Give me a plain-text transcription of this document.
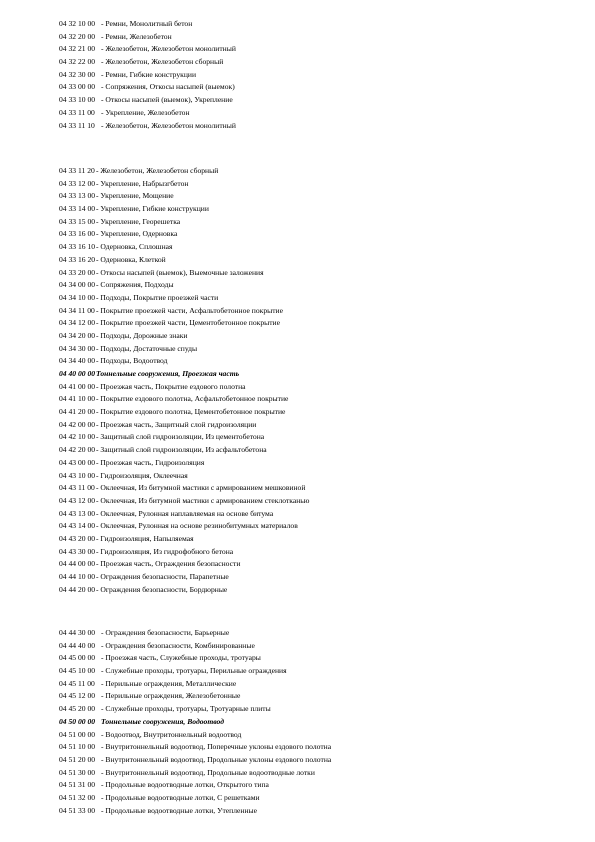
04 32 10 00 - Ремни, Монолитный бетон
04 32 20 00 - Ремни, Железобетон
04 32 21 00 - Железобетон, Железобетон монолитный
04 32 22 00 - Железобетон, Железобетон сборный
04 32 30 00 - Ремни, Гибкие конструкции
04 33 00 00 - Сопряжения, Откосы насыпей (выемок)
04 33 10 00 - Откосы насыпей (выемок), Укрепление
04 33 11 00 - Укрепление, Железобетон
04 33 11 10 - Железобетон, Железобетон монолитный
04 33 11 20 - Железобетон, Железобетон сборный
04 33 12 00 - Укрепление, Набрызгбетон
04 33 13 00 - Укрепление, Мощение
04 33 14 00 - Укрепление, Гибкие конструкции
04 33 15 00 - Укрепление, Георешетка
04 33 16 00 - Укрепление, Одерновка
04 33 16 10 - Одерновка, Сплошная
04 33 16 20 - Одерновка, Клеткой
04 33 20 00 - Откосы насыпей (выемок), Выемочные заложения
04 34 00 00 - Сопряжения, Подходы
04 34 10 00 - Подходы, Покрытие проезжей части
04 34 11 00 - Покрытие проезжей части, Асфальтобетонное покрытие
04 34 12 00 - Покрытие проезжей части, Цементобетонное покрытие
04 34 20 00 - Подходы, Дорожные знаки
04 34 30 00 - Подходы, Достаточные спуды
04 34 40 00 - Подходы, Водоотвод
04 40 00 00 Тоннельные сооружения, Проезжая часть
04 41 00 00 - Проезжая часть, Покрытие ездового полотна
04 41 10 00 - Покрытие ездового полотна, Асфальтобетонное покрытие
04 41 20 00 - Покрытие ездового полотна, Цементобетонное покрытие
04 42 00 00 - Проезжая часть, Защитный слой гидроизоляции
04 42 10 00 - Защитный слой гидроизоляции, Из цементобетона
04 42 20 00 - Защитный слой гидроизоляции, Из асфальтобетона
04 43 00 00 - Проезжая часть, Гидроизоляция
04 43 10 00 - Гидроизоляция, Оклеечная
04 43 11 00 - Оклеечная, Из битумной мастики с армированием мешковиной
04 43 12 00 - Оклеечная, Из битумной мастики с армированием стеклотканью
04 43 13 00 - Оклеечная, Рулонная наплавляемая на основе битума
04 43 14 00 - Оклеечная, Рулонная на основе резинобитумных материалов
04 43 20 00 - Гидроизоляция, Напыляемая
04 43 30 00 - Гидроизоляция, Из гидрофобного бетона
04 44 00 00 - Проезжая часть, Ограждения безопасности
04 44 10 00 - Ограждения безопасности, Парапетные
04 44 20 00 - Ограждения безопасности, Бордюрные
04 44 30 00 - Ограждения безопасности, Барьерные
04 44 40 00 - Ограждения безопасности, Комбинированные
04 45 00 00 - Проезжая часть, Служебные проходы, тротуары
04 45 10 00 - Служебные проходы, тротуары, Перильные ограждения
04 45 11 00 - Перильные ограждения, Металлические
04 45 12 00 - Перильные ограждения, Железобетонные
04 45 20 00 - Служебные проходы, тротуары, Тротуарные плиты
04 50 00 00 Тоннельные сооружения, Водоотвод
04 51 00 00 - Водоотвод, Внутритоннельный водоотвод
04 51 10 00 - Внутритоннельный водоотвод, Поперечные уклоны ездового полотна
04 51 20 00 - Внутритоннельный водоотвод, Продольные уклоны ездового полотна
04 51 30 00 - Внутритоннельный водоотвод, Продольные водоотводные лотки
04 51 31 00 - Продольные водоотводные лотки, Открытого типа
04 51 32 00 - Продольные водоотводные лотки, С решетками
04 51 33 00 - Продольные водоотводные лотки, Утепленные
